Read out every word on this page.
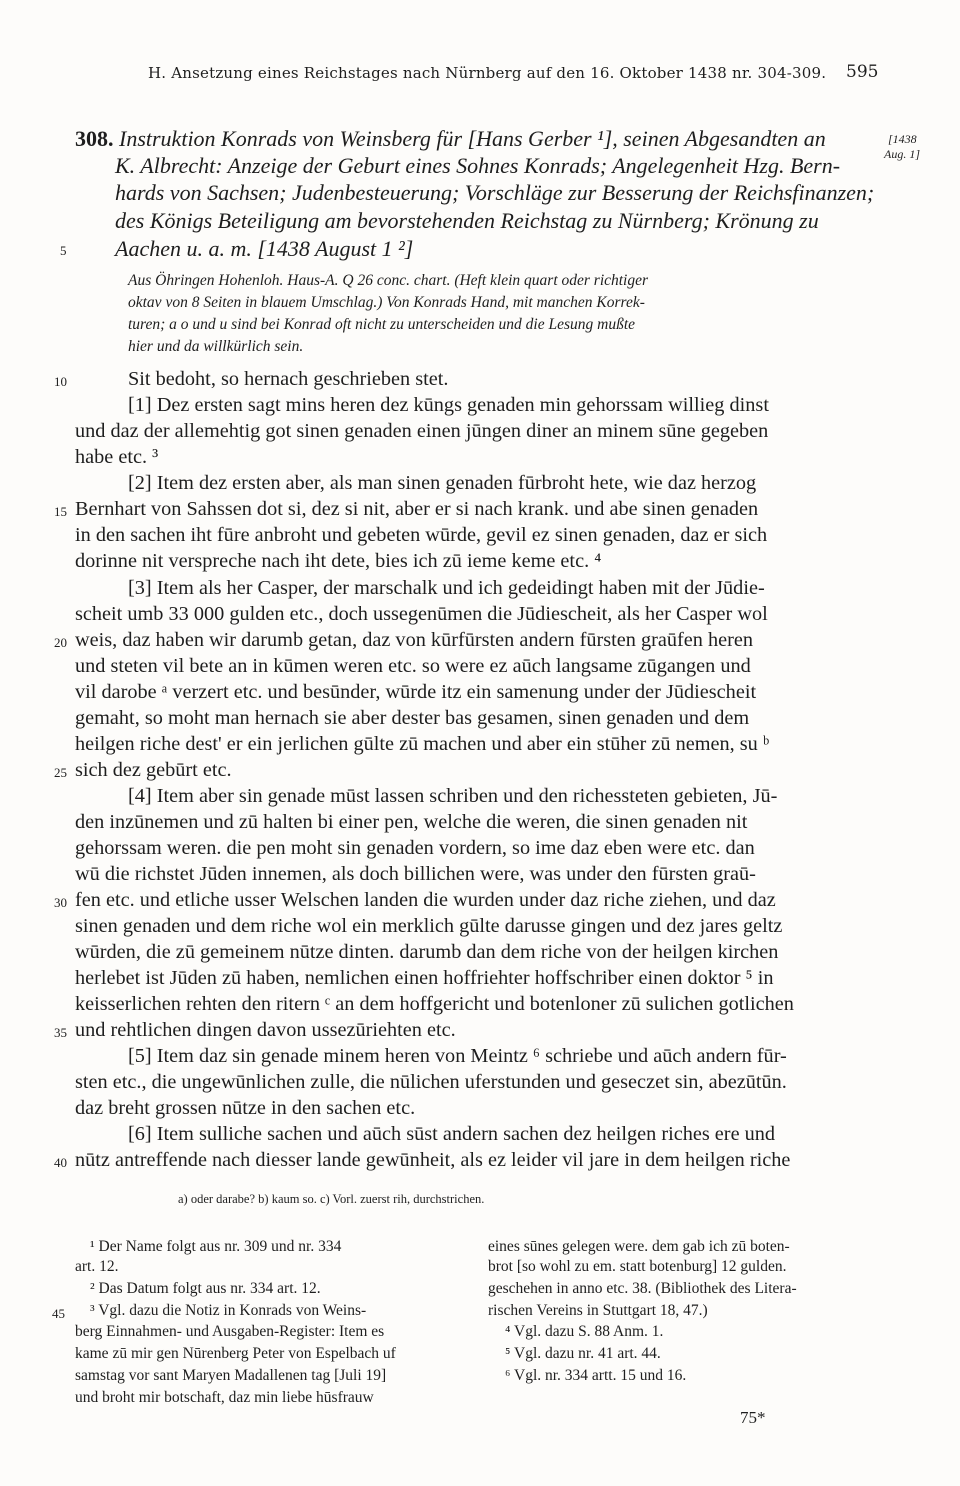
H. Ansetzung eines Reichstages nach Nürnberg auf den 16. Oktober 1438 nr. 304-309. 595
308. Instruktion Konrads von Weinsberg für [Hans Gerber ¹], seinen Abgesandten an
K. Albrecht: Anzeige der Geburt eines Sohnes Konrads; Angelegenheit Hzg. Bern-
hards von Sachsen; Judenbesteuerung; Vorschläge zur Besserung der Reichsfinanzen;
des Königs Beteiligung am bevorstehenden Reichstag zu Nürnberg; Krönung zu
Aachen u. a. m. [1438 August 1 ²]
[1438
Aug. 1]
Aus Öhringen Hohenloh. Haus-A. Q 26 conc. chart. (Heft klein quart oder richtiger
oktav von 8 Seiten in blauem Umschlag.) Von Konrads Hand, mit manchen Korrek-
turen; a o und u sind bei Konrad oft nicht zu unterscheiden und die Lesung mußte
hier und da willkürlich sein.
Sit bedoht, so hernach geschrieben stet.
[1] Dez ersten sagt mins heren dez kūngs genaden min gehorssam willieg dinst
und daz der allemehtig got sinen genaden einen jūngen diner an minem sūne gegeben
habe etc. ³
[2] Item dez ersten aber, als man sinen genaden fūrbroht hete, wie daz herzog
Bernhart von Sahssen dot si, dez si nit, aber er si nach krank. und abe sinen genaden
in den sachen iht fūre anbroht und gebeten wūrde, gevil ez sinen genaden, daz er sich
dorinne nit verspreche nach iht dete, bies ich zū ieme keme etc. ⁴
[3] Item als her Casper, der marschalk und ich gedeidingt haben mit der Jūdie-
scheit umb 33 000 gulden etc., doch ussegenūmen die Jūdiescheit, als her Casper wol
weis, daz haben wir darumb getan, daz von kūrfūrsten andern fūrsten graūfen heren
und steten vil bete an in kūmen weren etc. so were ez aūch langsame zūgangen und
vil darobe ᵃ verzert etc. und besūnder, wūrde itz ein samenung under der Jūdiescheit
gemaht, so moht man hernach sie aber dester bas gesamen, sinen genaden und dem
heilgen riche dest' er ein jerlichen gūlte zū machen und aber ein stūher zū nemen, su ᵇ
sich dez gebūrt etc.
[4] Item aber sin genade mūst lassen schriben und den richessteten gebieten, Jū-
den inzūnemen und zū halten bi einer pen, welche die weren, die sinen genaden nit
gehorssam weren. die pen moht sin genaden vordern, so ime daz eben were etc. dan
wū die richstet Jūden innemen, als doch billichen were, was under den fūrsten graū-
fen etc. und etliche usser Welschen landen die wurden under daz riche ziehen, und daz
sinen genaden und dem riche wol ein merklich gūlte darusse gingen und dez jares geltz
wūrden, die zū gemeinem nūtze dinten. darumb dan dem riche von der heilgen kirchen
herlebet ist Jūden zū haben, nemlichen einen hoffriehter hoffschriber einen doktor ⁵ in
keisserlichen rehten den ritern ᶜ an dem hoffgericht und botenloner zū sulichen gotlichen
und rehtlichen dingen davon ussezūriehten etc.
[5] Item daz sin genade minem heren von Meintz ⁶ schriebe und aūch andern fūr-
sten etc., die ungewūnlichen zulle, die nūlichen uferstunden und geseczet sin, abezūtūn.
daz breht grossen nūtze in den sachen etc.
[6] Item sulliche sachen und aūch sūst andern sachen dez heilgen riches ere und
nūtz antreffende nach diesser lande gewūnheit, als ez leider vil jare in dem heilgen riche
5
10
15
20
25
30
35
40
45
a) oder darabe? b) kaum so. c) Vorl. zuerst rih, durchstrichen.
¹ Der Name folgt aus nr. 309 und nr. 334
art. 12.
² Das Datum folgt aus nr. 334 art. 12.
³ Vgl. dazu die Notiz in Konrads von Weins-
berg Einnahmen- und Ausgaben-Register: Item es
kame zū mir gen Nūrenberg Peter von Espelbach uf
samstag vor sant Maryen Madallenen tag [Juli 19]
und broht mir botschaft, daz min liebe hūsfrauw
eines sūnes gelegen were. dem gab ich zū boten-
brot [so wohl zu em. statt botenburg] 12 gulden.
geschehen in anno etc. 38. (Bibliothek des Litera-
rischen Vereins in Stuttgart 18, 47.)
⁴ Vgl. dazu S. 88 Anm. 1.
⁵ Vgl. dazu nr. 41 art. 44.
⁶ Vgl. nr. 334 artt. 15 und 16.
75*
